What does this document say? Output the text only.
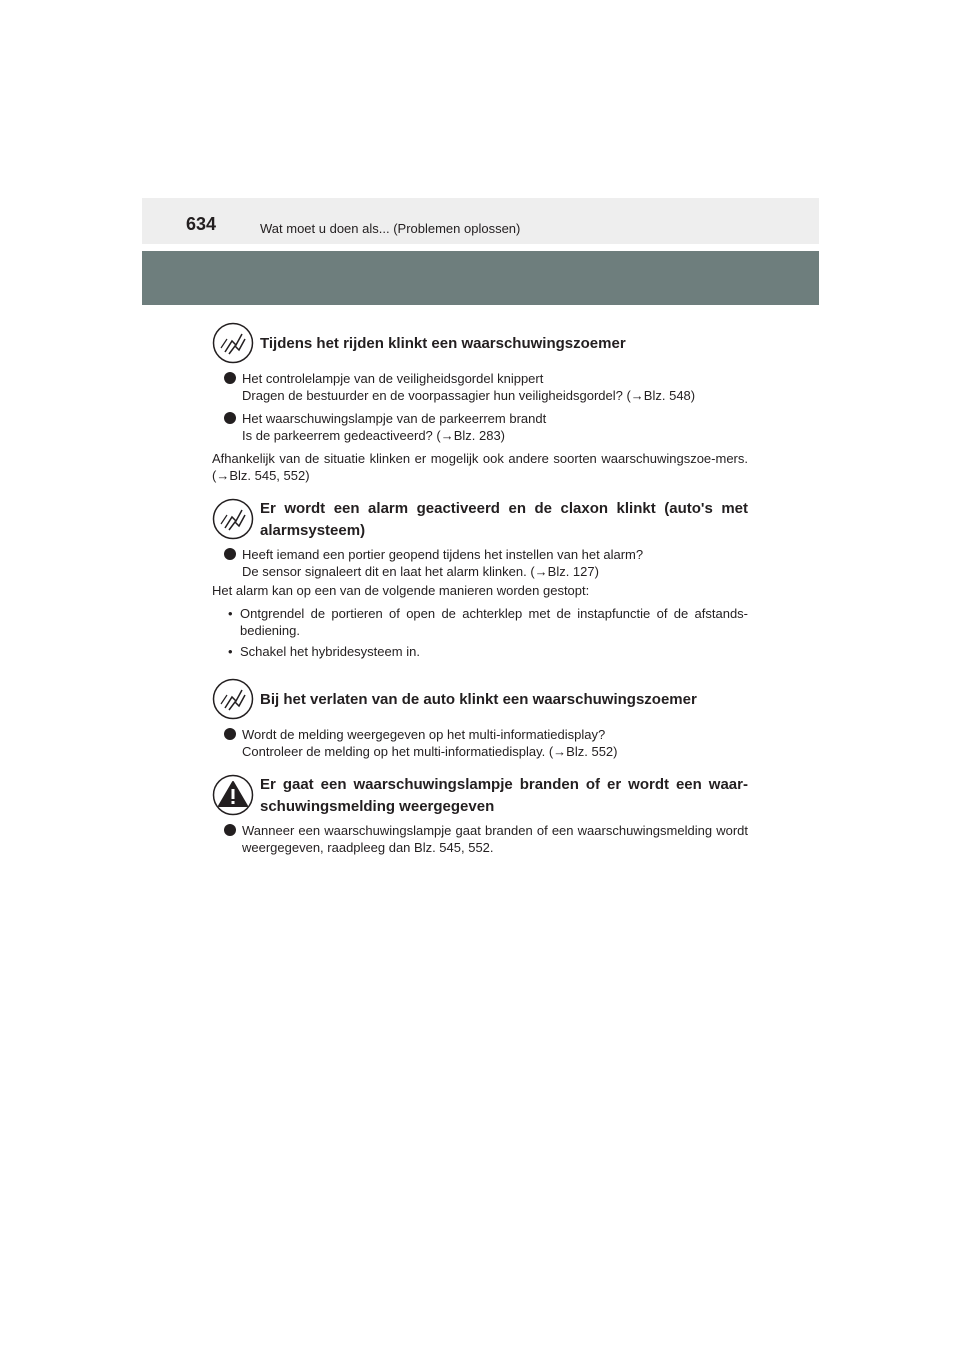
634	Wat moet u doen als... (Problemen oplossen)
Tijdens het rijden klinkt een waarschuwingszoemer
Het controlelampje van de veiligheidsgordel knippert
Dragen de bestuurder en de voorpassagier hun veiligheidsgordel? (→Blz. 548)
Het waarschuwingslampje van de parkeerrem brandt
Is de parkeerrem gedeactiveerd? (→Blz. 283)
Afhankelijk van de situatie klinken er mogelijk ook andere soorten waarschuwingszoe-mers. (→Blz. 545, 552)
Er wordt een alarm geactiveerd en de claxon klinkt (auto's met alarmsysteem)
Heeft iemand een portier geopend tijdens het instellen van het alarm?
De sensor signaleert dit en laat het alarm klinken. (→Blz. 127)
Het alarm kan op een van de volgende manieren worden gestopt:
• Ontgrendel de portieren of open de achterklep met de instapfunctie of de afstands-bediening.
• Schakel het hybridesysteem in.
Bij het verlaten van de auto klinkt een waarschuwingszoemer
Wordt de melding weergegeven op het multi-informatiedisplay?
Controleer de melding op het multi-informatiedisplay. (→Blz. 552)
Er gaat een waarschuwingslampje branden of er wordt een waar-schuwingsmelding weergegeven
Wanneer een waarschuwingslampje gaat branden of een waarschuwingsmelding wordt weergegeven, raadpleeg dan Blz. 545, 552.
